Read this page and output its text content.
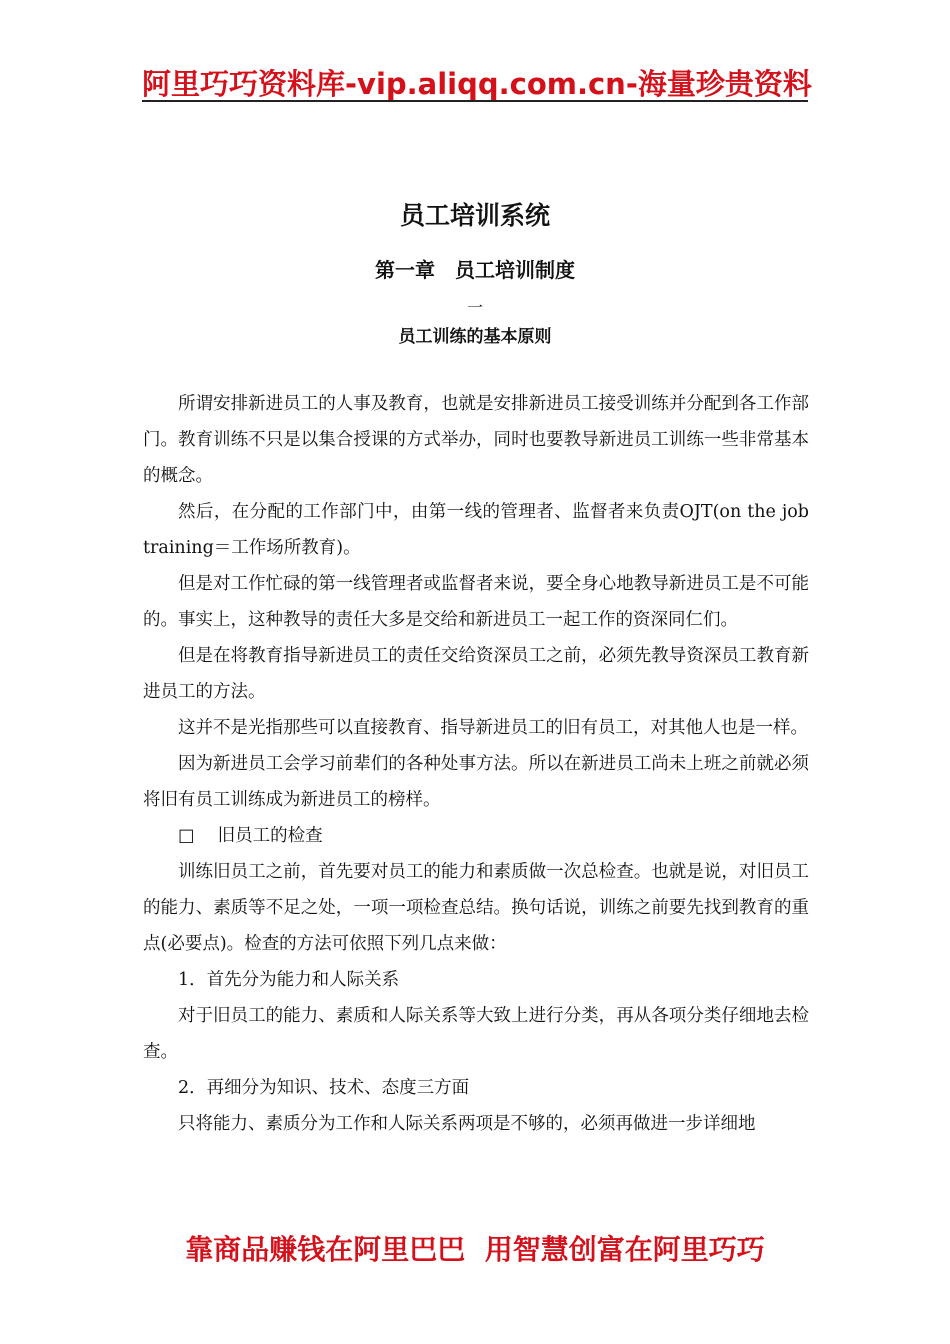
阿里巧巧资料库-vip.aliqq.com.cn-海量珍贵资料
员工培训系统
第一章　员工培训制度
一
员工训练的基本原则

所谓安排新进员工的人事及教育，也就是安排新进员工接受训练并分配到各工作部门。教育训练不只是以集合授课的方式举办，同时也要教导新进员工训练一些非常基本的概念。

然后，在分配的工作部门中，由第一线的管理者、监督者来负责OJT(on the job training＝工作场所教育)。

但是对工作忙碌的第一线管理者或监督者来说，要全身心地教导新进员工是不可能的。事实上，这种教导的责任大多是交给和新进员工一起工作的资深同仁们。

但是在将教育指导新进员工的责任交给资深员工之前，必须先教导资深员工教育新进员工的方法。

这并不是光指那些可以直接教育、指导新进员工的旧有员工，对其他人也是一样。

因为新进员工会学习前辈们的各种处事方法。所以在新进员工尚未上班之前就必须将旧有员工训练成为新进员工的榜样。

□　 旧员工的检查

训练旧员工之前，首先要对员工的能力和素质做一次总检查。也就是说，对旧员工的能力、素质等不足之处，一项一项检查总结。换句话说，训练之前要先找到教育的重点(必要点)。检查的方法可依照下列几点来做：

1．首先分为能力和人际关系

对于旧员工的能力、素质和人际关系等大致上进行分类，再从各项分类仔细地去检查。

2．再细分为知识、技术、态度三方面

只将能力、素质分为工作和人际关系两项是不够的，必须再做进一步详细地

靠商品赚钱在阿里巴巴  用智慧创富在阿里巧巧
